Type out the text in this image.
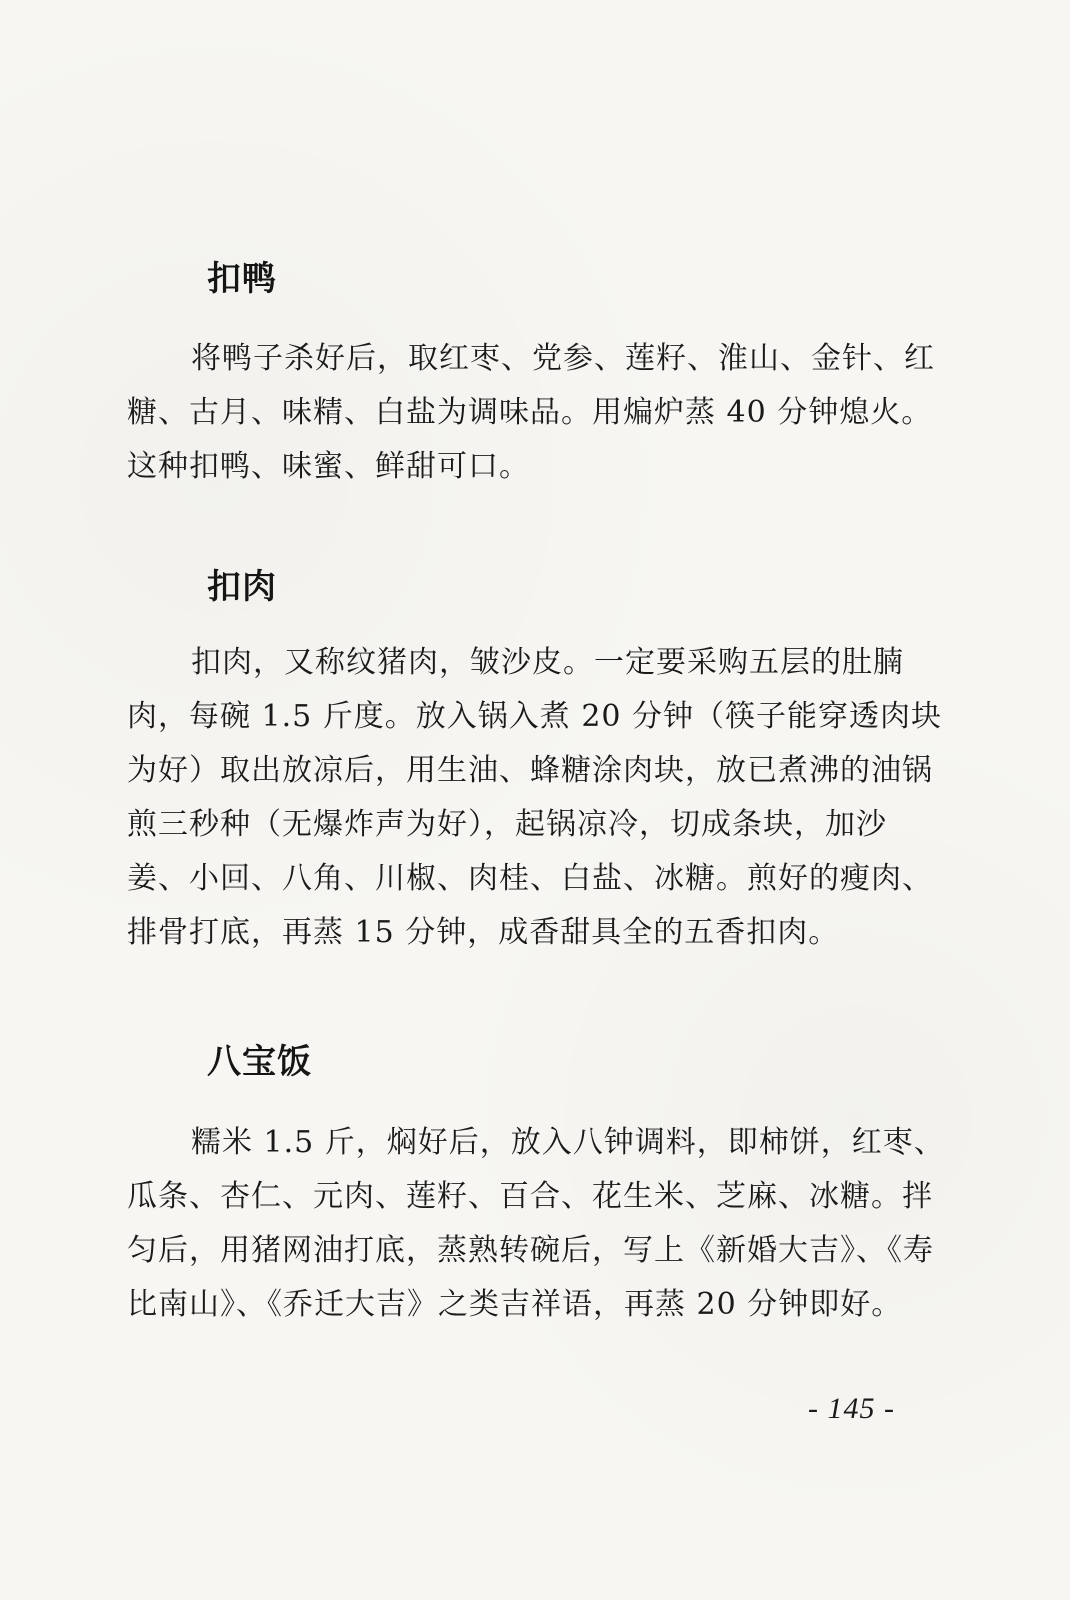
扣鸭

将鸭子杀好后，取红枣、党参、莲籽、淮山、金针、红糖、古月、味精、白盐为调味品。用煸炉蒸 40 分钟熄火。这种扣鸭、味蜜、鲜甜可口。

扣肉

扣肉，又称纹猪肉，皱沙皮。一定要采购五层的肚腩肉，每碗 1.5 斤度。放入锅入煮 20 分钟（筷子能穿透肉块为好）取出放凉后，用生油、蜂糖涂肉块，放已煮沸的油锅煎三秒种（无爆炸声为好），起锅凉冷，切成条块，加沙姜、小回、八角、川椒、肉桂、白盐、冰糖。煎好的瘦肉、排骨打底，再蒸 15 分钟，成香甜具全的五香扣肉。

八宝饭

糯米 1.5 斤，焖好后，放入八钟调料，即柿饼，红枣、瓜条、杏仁、元肉、莲籽、百合、花生米、芝麻、冰糖。拌匀后，用猪网油打底，蒸熟转碗后，写上《新婚大吉》、《寿比南山》、《乔迁大吉》之类吉祥语，再蒸 20 分钟即好。

- 145 -
